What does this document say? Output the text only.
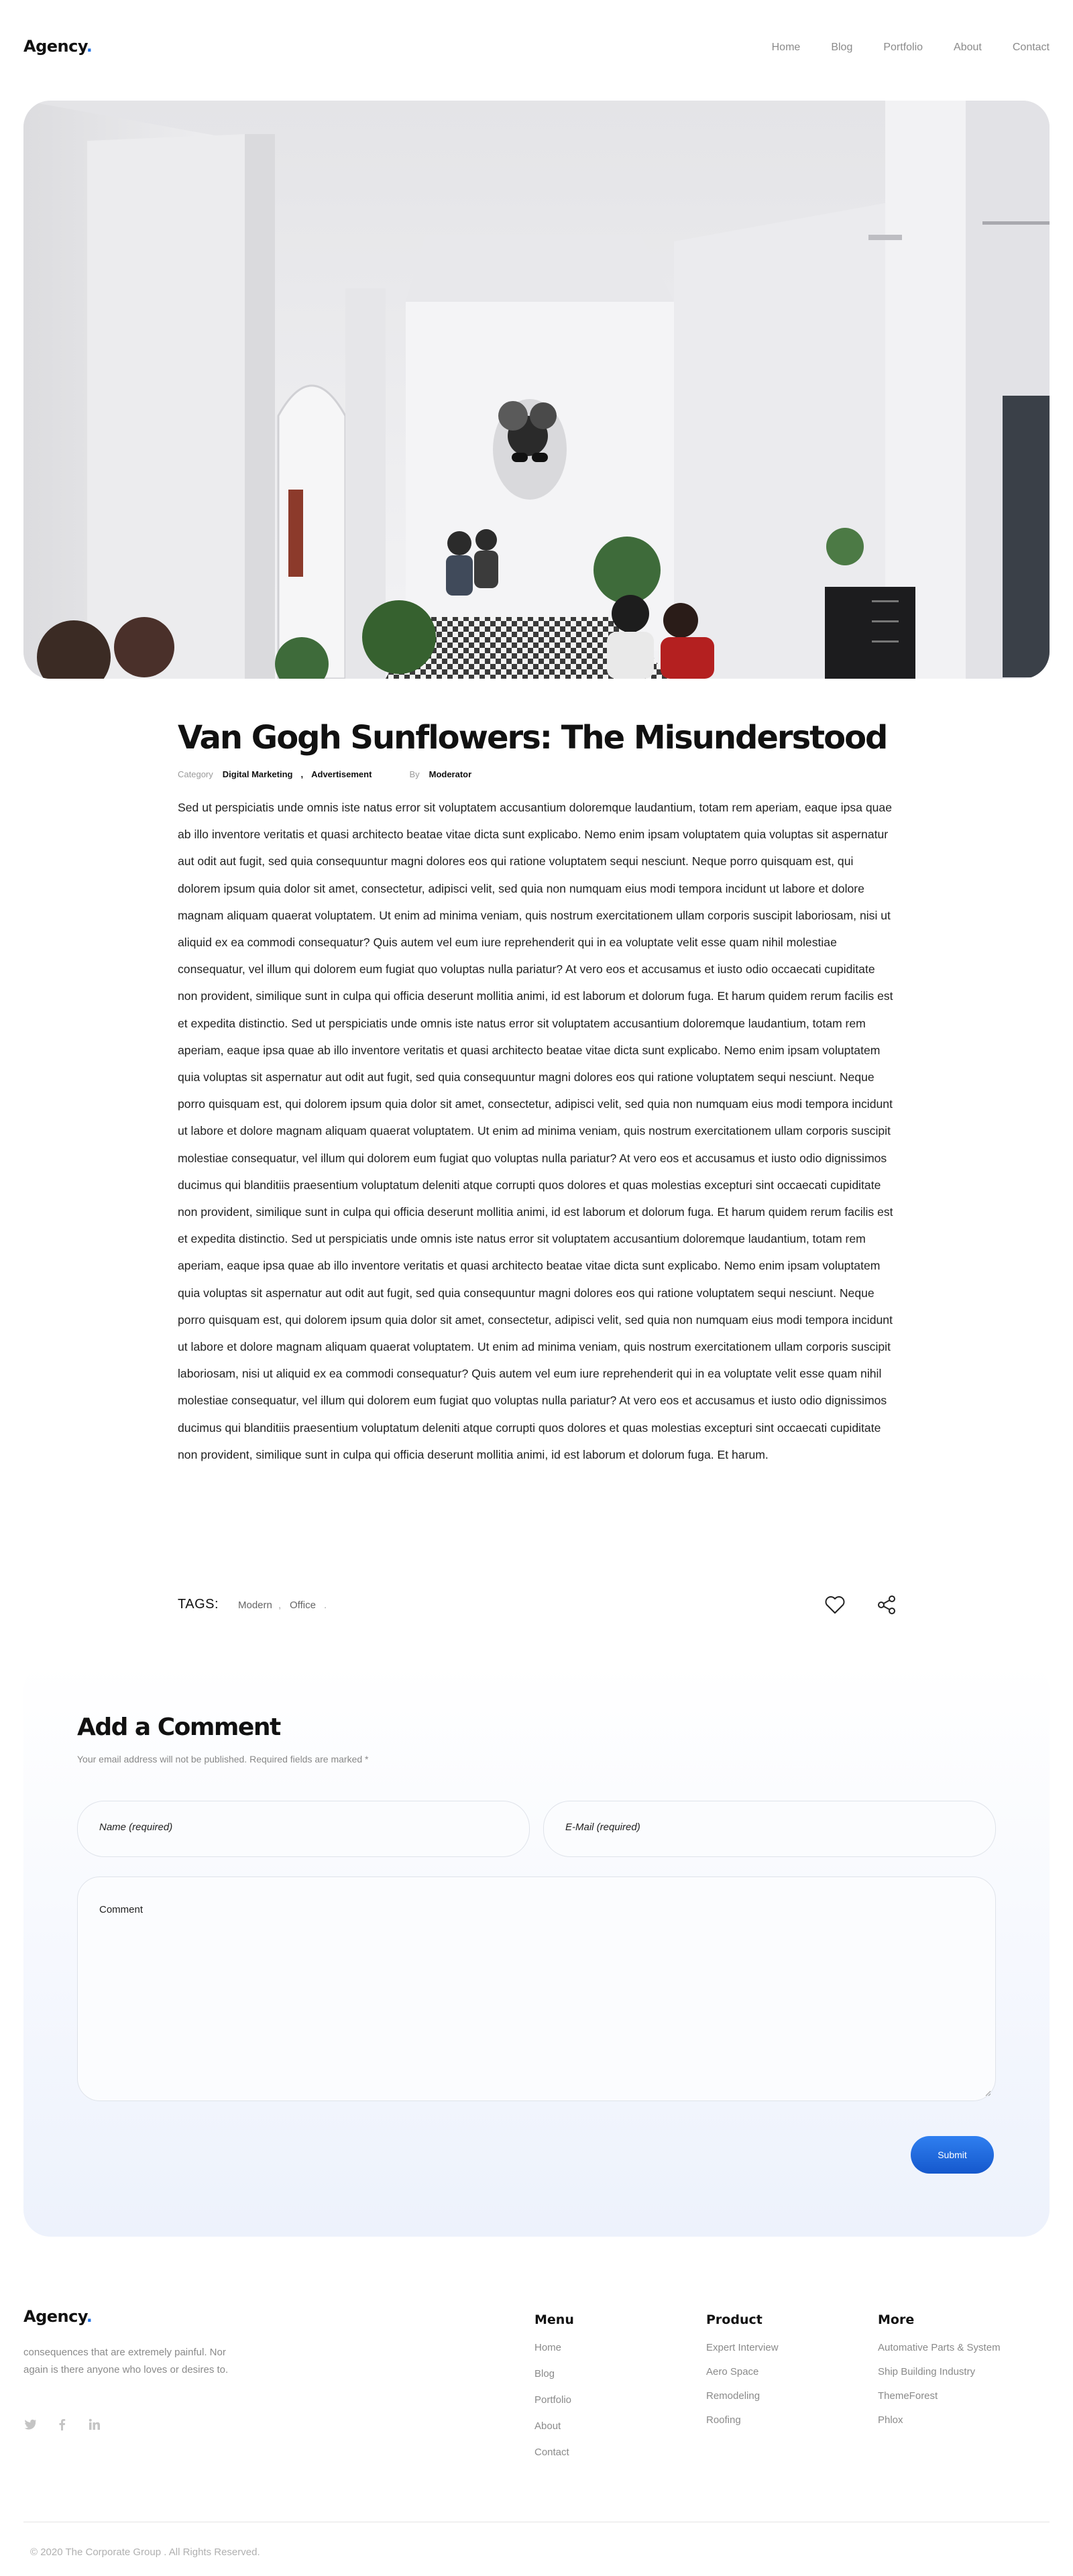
Agency.	Home	Blog	Portfolio	About	Contact
Van Gogh Sunflowers: The Misunderstood
Category Digital Marketing , Advertisement	By Moderator

Sed ut perspiciatis unde omnis iste natus error sit voluptatem accusantium doloremque laudantium, totam rem aperiam, eaque ipsa quae ab illo inventore veritatis et quasi architecto beatae vitae dicta sunt explicabo. Nemo enim ipsam voluptatem quia voluptas sit aspernatur aut odit aut fugit, sed quia consequuntur magni dolores eos qui ratione voluptatem sequi nesciunt. Neque porro quisquam est, qui dolorem ipsum quia dolor sit amet, consectetur, adipisci velit, sed quia non numquam eius modi tempora incidunt ut labore et dolore magnam aliquam quaerat voluptatem. Ut enim ad minima veniam, quis nostrum exercitationem ullam corporis suscipit laboriosam, nisi ut aliquid ex ea commodi consequatur? Quis autem vel eum iure reprehenderit qui in ea voluptate velit esse quam nihil molestiae consequatur, vel illum qui dolorem eum fugiat quo voluptas nulla pariatur? At vero eos et accusamus et iusto odio occaecati cupiditate non provident, similique sunt in culpa qui officia deserunt mollitia animi, id est laborum et dolorum fuga. Et harum quidem rerum facilis est et expedita distinctio. Sed ut perspiciatis unde omnis iste natus error sit voluptatem accusantium doloremque laudantium, totam rem aperiam, eaque ipsa quae ab illo inventore veritatis et quasi architecto beatae vitae dicta sunt explicabo. Nemo enim ipsam voluptatem quia voluptas sit aspernatur aut odit aut fugit, sed quia consequuntur magni dolores eos qui ratione voluptatem sequi nesciunt. Neque porro quisquam est, qui dolorem ipsum quia dolor sit amet, consectetur, adipisci velit, sed quia non numquam eius modi tempora incidunt ut labore et dolore magnam aliquam quaerat voluptatem. Ut enim ad minima veniam, quis nostrum exercitationem ullam corporis suscipit molestiae consequatur, vel illum qui dolorem eum fugiat quo voluptas nulla pariatur? At vero eos et accusamus et iusto odio dignissimos ducimus qui blanditiis praesentium voluptatum deleniti atque corrupti quos dolores et quas molestias excepturi sint occaecati cupiditate non provident, similique sunt in culpa qui officia deserunt mollitia animi, id est laborum et dolorum fuga. Et harum quidem rerum facilis est et expedita distinctio. Sed ut perspiciatis unde omnis iste natus error sit voluptatem accusantium doloremque laudantium, totam rem aperiam, eaque ipsa quae ab illo inventore veritatis et quasi architecto beatae vitae dicta sunt explicabo. Nemo enim ipsam voluptatem quia voluptas sit aspernatur aut odit aut fugit, sed quia consequuntur magni dolores eos qui ratione voluptatem sequi nesciunt. Neque porro quisquam est, qui dolorem ipsum quia dolor sit amet, consectetur, adipisci velit, sed quia non numquam eius modi tempora incidunt ut labore et dolore magnam aliquam quaerat voluptatem. Ut enim ad minima veniam, quis nostrum exercitationem ullam corporis suscipit laboriosam, nisi ut aliquid ex ea commodi consequatur? Quis autem vel eum iure reprehenderit qui in ea voluptate velit esse quam nihil molestiae consequatur, vel illum qui dolorem eum fugiat quo voluptas nulla pariatur? At vero eos et accusamus et iusto odio dignissimos ducimus qui blanditiis praesentium voluptatum deleniti atque corrupti quos dolores et quas molestias excepturi sint occaecati cupiditate non provident, similique sunt in culpa qui officia deserunt mollitia animi, id est laborum et dolorum fuga. Et harum.

TAGS: Modern , Office .
Add a Comment

Your email address will not be published. Required fields are marked *

Name (required)	E-Mail (required)
Comment
Submit
Agency.

consequences that are extremely painful. Nor again is there anyone who loves or desires to.

Menu
Home
Blog
Portfolio
About
Contact
Product
Expert Interview
Aero Space
Remodeling
Roofing
More
Automative Parts & System
Ship Building Industry
ThemeForest
Phlox

© 2020 The Corporate Group . All Rights Reserved.
